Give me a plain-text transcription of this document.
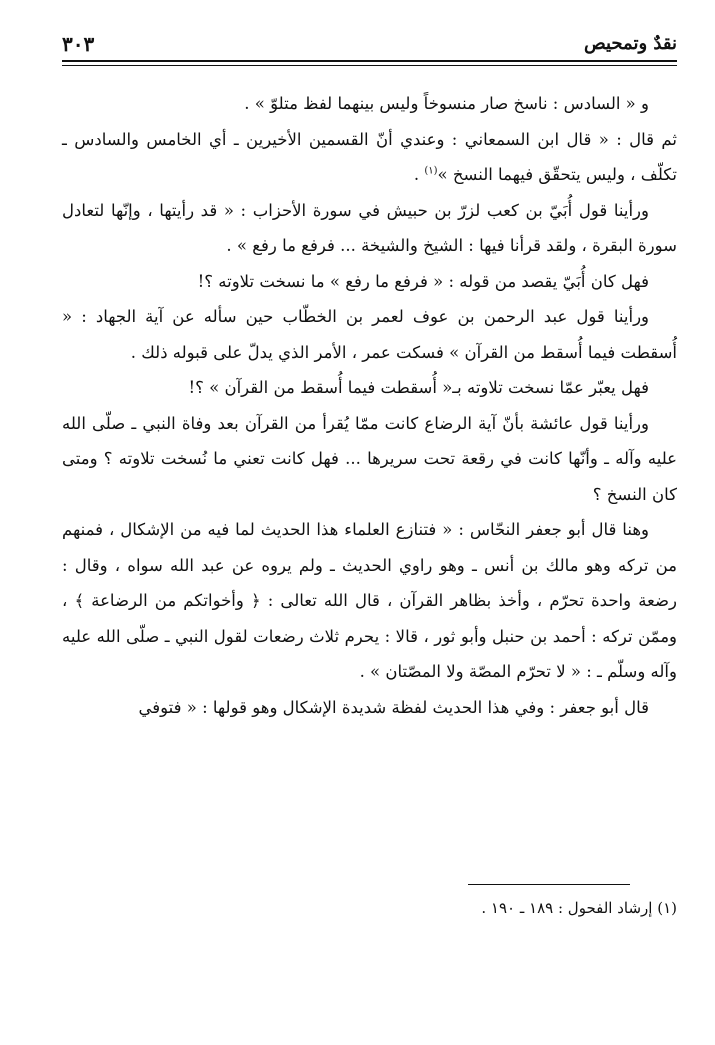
نقدٌ وتمحيص
٣٠٣

و « السادس : ناسخ صار منسوخاً وليس بينهما لفظ متلوّ » .

ثم قال : « قال ابن السمعاني : وعندي أنّ القسمين الأخيرين ـ أي الخامس والسادس ـ تكلّف ، وليس يتحقّق فيهما النسخ »$^{(١)}$ .

ورأينا قول أُبَيّ بن كعب لزرّ بن حبيش في سورة الأحزاب : « قد رأيتها ، وإنّها لتعادل سورة البقرة ، ولقد قرأنا فيها : الشيخ والشيخة ... فرفع ما رفع » .

فهل كان أُبَيّ يقصد من قوله : « فرفع ما رفع » ما نسخت تلاوته ؟!

ورأينا قول عبد الرحمن بن عوف لعمر بن الخطّاب حين سأله عن آية الجهاد : « أُسقطت فيما أُسقط من القرآن » فسكت عمر ، الأمر الذي يدلّ على قبوله ذلك .

فهل يعبّر عمّا نسخت تلاوته بـ« أُسقطت فيما أُسقط من القرآن » ؟!

ورأينا قول عائشة بأنّ آية الرضاع كانت ممّا يُقرأ من القرآن بعد وفاة النبي ـ صلّى الله عليه وآله ـ وأنّها كانت في رقعة تحت سريرها ... فهل كانت تعني ما نُسخت تلاوته ؟ ومتى كان النسخ ؟

وهنا قال أبو جعفر النحّاس : « فتنازع العلماء هذا الحديث لما فيه من الإشكال ، فمنهم من تركه وهو مالك بن أنس ـ وهو راوي الحديث ـ ولم يروه عن عبد الله سواه ، وقال : رضعة واحدة تحرّم ، وأخذ بظاهر القرآن ، قال الله تعالى : ﴿ وأخواتكم من الرضاعة ﴾ ، وممّن تركه : أحمد بن حنبل وأبو ثور ، قالا : يحرم ثلاث رضعات لقول النبي ـ صلّى الله عليه وآله وسلّم ـ : « لا تحرّم المصّة ولا المصّتان » .

قال أبو جعفر : وفي هذا الحديث لفظة شديدة الإشكال وهو قولها : « فتوفي

(١) إرشاد الفحول : ١٨٩ ـ ١٩٠ .
